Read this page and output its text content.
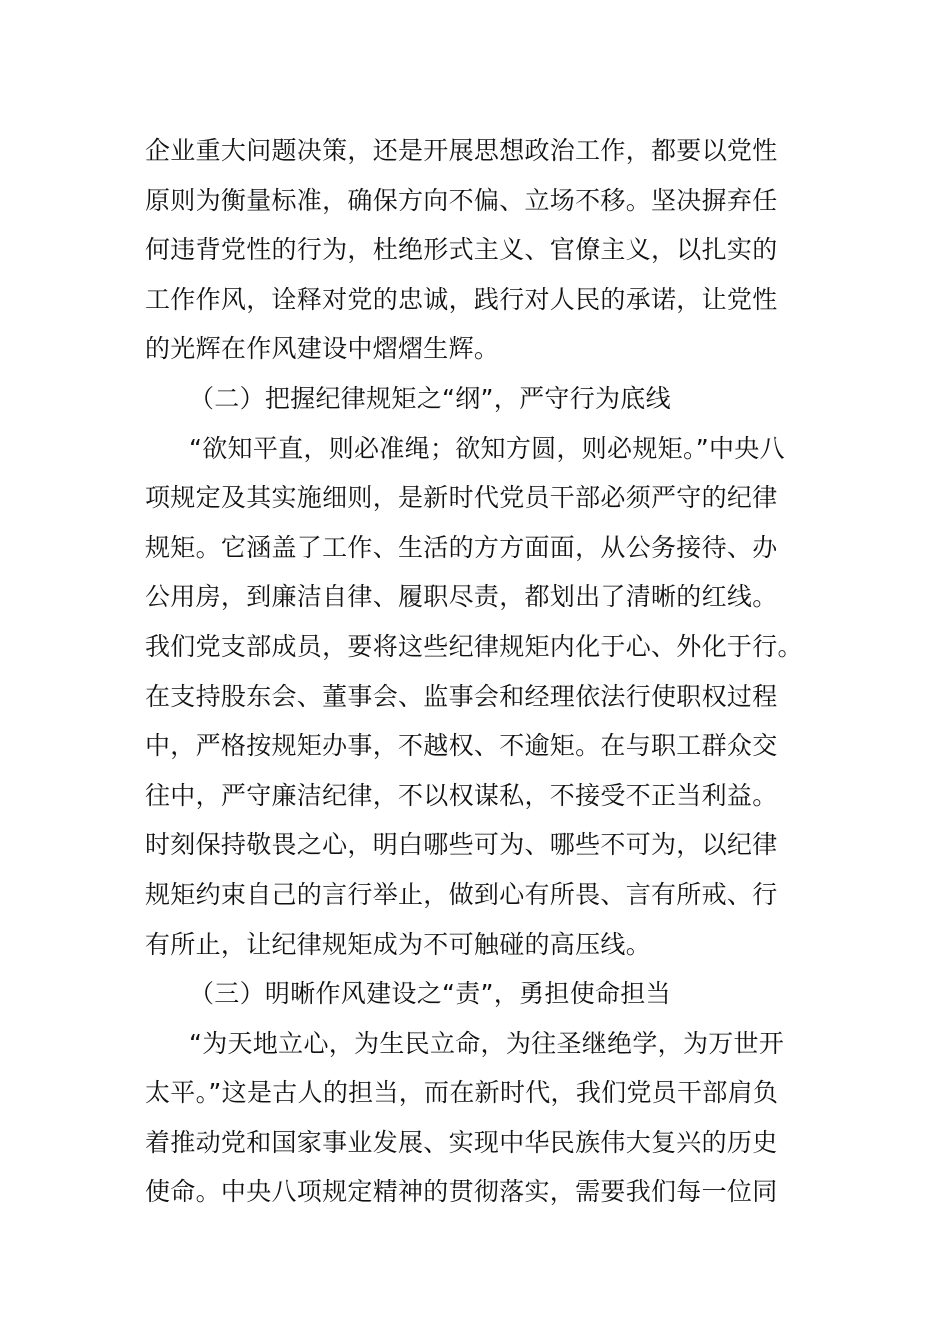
企业重大问题决策，还是开展思想政治工作，都要以党性
原则为衡量标准，确保方向不偏、立场不移。坚决摒弃任
何违背党性的行为，杜绝形式主义、官僚主义，以扎实的
工作作风，诠释对党的忠诚，践行对人民的承诺，让党性
的光辉在作风建设中熠熠生辉。
（二）把握纪律规矩之“纲”，严守行为底线
“欲知平直，则必准绳；欲知方圆，则必规矩。”中央八
项规定及其实施细则，是新时代党员干部必须严守的纪律
规矩。它涵盖了工作、生活的方方面面，从公务接待、办
公用房，到廉洁自律、履职尽责，都划出了清晰的红线。
我们党支部成员，要将这些纪律规矩内化于心、外化于行。
在支持股东会、董事会、监事会和经理依法行使职权过程
中，严格按规矩办事，不越权、不逾矩。在与职工群众交
往中，严守廉洁纪律，不以权谋私，不接受不正当利益。
时刻保持敬畏之心，明白哪些可为、哪些不可为，以纪律
规矩约束自己的言行举止，做到心有所畏、言有所戒、行
有所止，让纪律规矩成为不可触碰的高压线。
（三）明晰作风建设之“责”，勇担使命担当
“为天地立心，为生民立命，为往圣继绝学，为万世开
太平。”这是古人的担当，而在新时代，我们党员干部肩负
着推动党和国家事业发展、实现中华民族伟大复兴的历史
使命。中央八项规定精神的贯彻落实，需要我们每一位同
